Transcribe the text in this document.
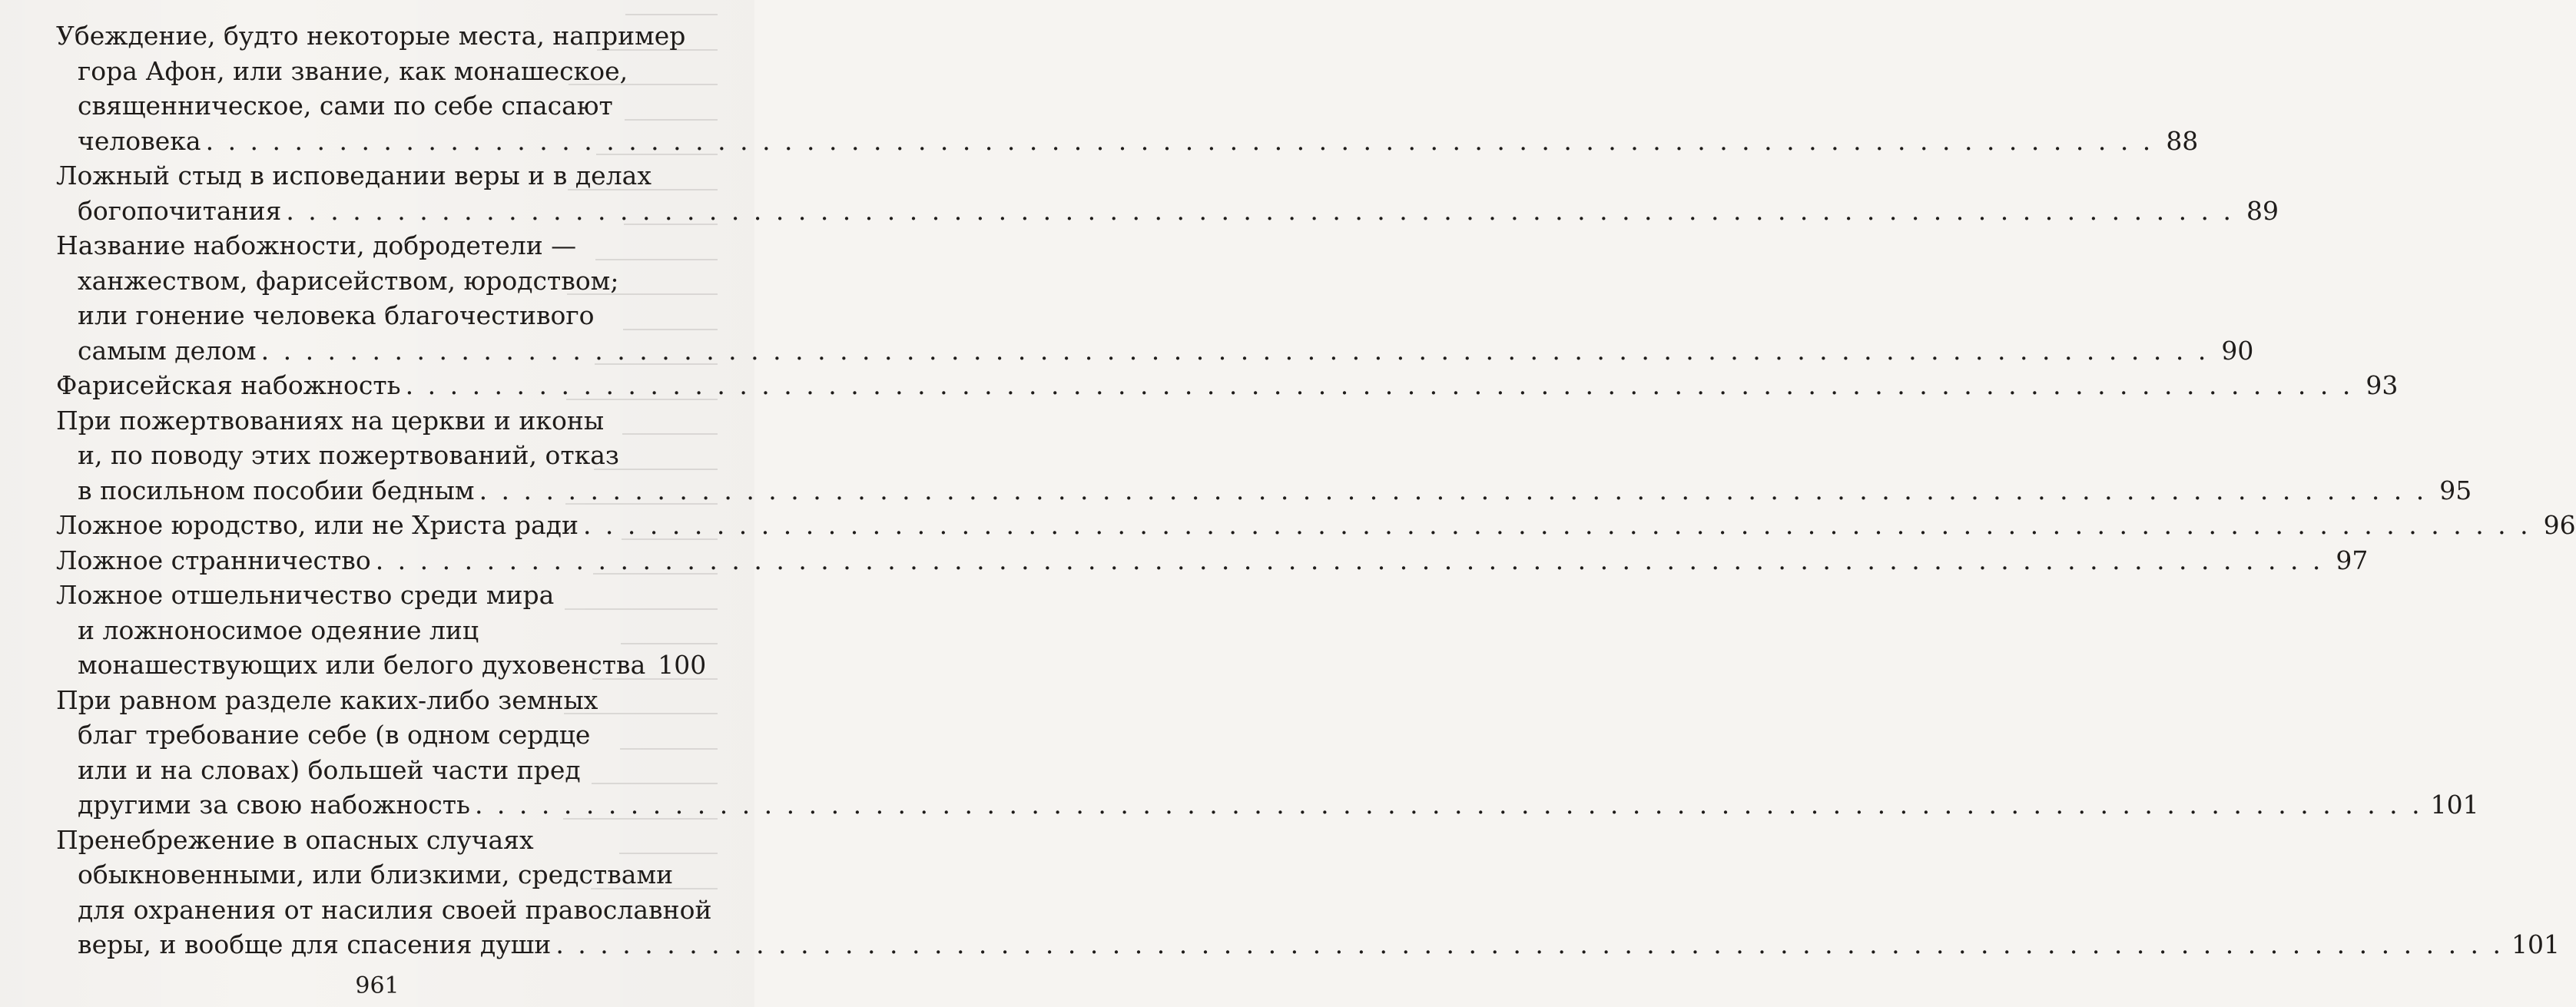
Убеждение, будто некоторые места, например
гора Афон, или звание, как монашеское,
священническое, сами по себе спасают
человека . . .	88
Ложный стыд в исповедании веры и в делах
богопочитания . . .	89
Название набожности, добродетели —
ханжеством, фарисейством, юродством;
или гонение человека благочестивого
самым делом . . .	90
Фарисейская набожность . . .	93
При пожертвованиях на церкви и иконы
и, по поводу этих пожертвований, отказ
в посильном пособии бедным . . .	95
Ложное юродство, или не Христа ради . . .	96
Ложное странничество . . .	97
Ложное отшельничество среди мира
и ложноносимое одеяние лиц
монашествующих или белого духовенства 100
При равном разделе каких-либо земных
благ требование себе (в одном сердце
или и на словах) большей части пред
другими за свою набожность . . .	101
Пренебрежение в опасных случаях
обыкновенными, или близкими, средствами
для охранения от насилия своей православной
веры, и вообще для спасения души . . .	101
961
